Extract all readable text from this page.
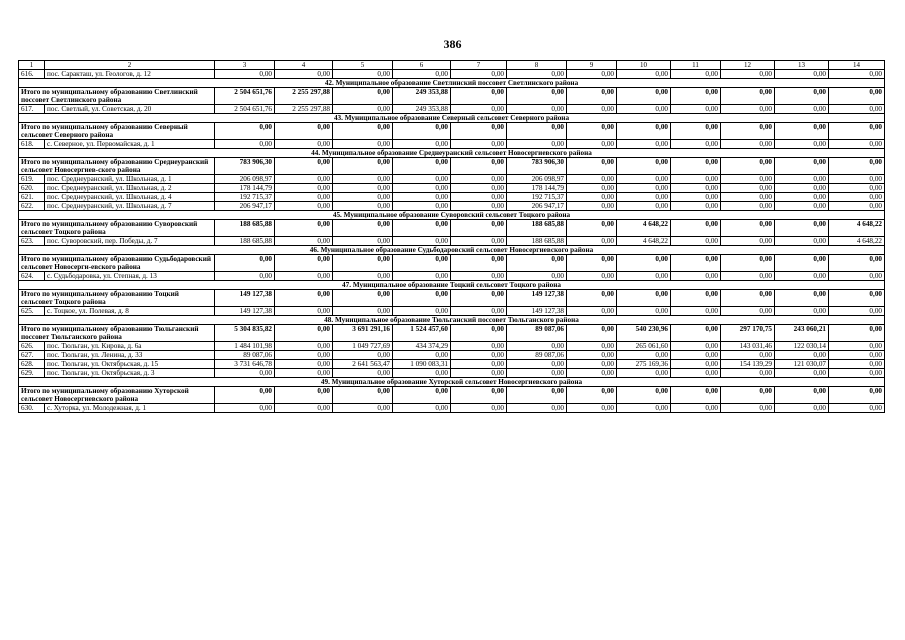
386
1	2	3	4	5	6	7	8	9	10	11	12	13	14
616.	пос. Саракташ, ул. Геологов, д. 12	0,00	0,00	0,00	0,00	0,00	0,00	0,00	0,00	0,00	0,00	0,00	0,00
42. Муниципальное образование Светлинский поссовет Светлинского района													
Итого по муниципальному образованию Светлинский поссовет Светлинского района		2 504 651,76	2 255 297,88	0,00	249 353,88	0,00	0,00	0,00	0,00	0,00	0,00	0,00	0,00
617.	пос. Светлый, ул. Советская, д. 20	2 504 651,76	2 255 297,88	0,00	249 353,88	0,00	0,00	0,00	0,00	0,00	0,00	0,00	0,00
43. Муниципальное образование Северный сельсовет Северного района													
Итого по муниципальному образованию Северный сельсовет Северного района		0,00	0,00	0,00	0,00	0,00	0,00	0,00	0,00	0,00	0,00	0,00	0,00
618.	с. Северное, ул. Первомайская, д. 1	0,00	0,00	0,00	0,00	0,00	0,00	0,00	0,00	0,00	0,00	0,00	0,00
44. Муниципальное образование Среднеуранский сельсовет Новосергиевского района													
Итого по муниципальному образованию Среднеуранский сельсовет Новосергиев-ского района		783 906,30	0,00	0,00	0,00	0,00	783 906,30	0,00	0,00	0,00	0,00	0,00	0,00
619.	пос. Среднеуранский, ул. Школьная, д. 1	206 098,97	0,00	0,00	0,00	0,00	206 098,97	0,00	0,00	0,00	0,00	0,00	0,00
620.	пос. Среднеуранский, ул. Школьная, д. 2	178 144,79	0,00	0,00	0,00	0,00	178 144,79	0,00	0,00	0,00	0,00	0,00	0,00
621.	пос. Среднеуранский, ул. Школьная, д. 4	192 715,37	0,00	0,00	0,00	0,00	192 715,37	0,00	0,00	0,00	0,00	0,00	0,00
622.	пос. Среднеуранский, ул. Школьная, д. 7	206 947,17	0,00	0,00	0,00	0,00	206 947,17	0,00	0,00	0,00	0,00	0,00	0,00
45. Муниципальное образование Суворовский сельсовет Тоцкого района													
Итого по муниципальному образованию Суворовский сельсовет Тоцкого района		188 685,88	0,00	0,00	0,00	0,00	188 685,88	0,00	4 648,22	0,00	0,00	0,00	4 648,22
623.	пос. Суворовский, пер. Победы, д. 7	188 685,88	0,00	0,00	0,00	0,00	188 685,88	0,00	4 648,22	0,00	0,00	0,00	4 648,22
46. Муниципальное образование Судьбодаровский сельсовет Новосергиевского района													
Итого по муниципальному образованию Судьбодаровский сельсовет Новосерги-евского района		0,00	0,00	0,00	0,00	0,00	0,00	0,00	0,00	0,00	0,00	0,00	0,00
624.	с. Судьбодаровка, ул. Степная, д. 13	0,00	0,00	0,00	0,00	0,00	0,00	0,00	0,00	0,00	0,00	0,00	0,00
47. Муниципальное образование Тоцкий сельсовет Тоцкого района													
Итого по муниципальному образованию Тоцкий сельсовет Тоцкого района		149 127,38	0,00	0,00	0,00	0,00	149 127,38	0,00	0,00	0,00	0,00	0,00	0,00
625.	с. Тоцкое, ул. Полевая, д. 8	149 127,38	0,00	0,00	0,00	0,00	149 127,38	0,00	0,00	0,00	0,00	0,00	0,00
48. Муниципальное образование Тюльганский поссовет Тюльганского района													
Итого по муниципальному образованию Тюльганский поссовет Тюльганского района		5 304 835,82	0,00	3 691 291,16	1 524 457,60	0,00	89 087,06	0,00	540 230,96	0,00	297 170,75	243 060,21	0,00
626.	пос. Тюльган, ул. Кирова, д. 6а	1 484 101,98	0,00	1 049 727,69	434 374,29	0,00	0,00	0,00	265 061,60	0,00	143 031,46	122 030,14	0,00
627.	пос. Тюльган, ул. Ленина, д. 33	89 087,06	0,00	0,00	0,00	0,00	89 087,06	0,00	0,00	0,00	0,00	0,00	0,00
628.	пос. Тюльган, ул. Октябрьская, д. 15	3 731 646,78	0,00	2 641 563,47	1 090 083,31	0,00	0,00	0,00	275 169,36	0,00	154 139,29	121 030,07	0,00
629.	пос. Тюльган, ул. Октябрьская, д. 3	0,00	0,00	0,00	0,00	0,00	0,00	0,00	0,00	0,00	0,00	0,00	0,00
49. Муниципальное образование Хуторской сельсовет Новосергиевского района													
Итого по муниципальному образованию Хуторской сельсовет Новосергиевского района		0,00	0,00	0,00	0,00	0,00	0,00	0,00	0,00	0,00	0,00	0,00	0,00
630.	с. Хуторка, ул. Молодежная, д. 1	0,00	0,00	0,00	0,00	0,00	0,00	0,00	0,00	0,00	0,00	0,00	0,00
